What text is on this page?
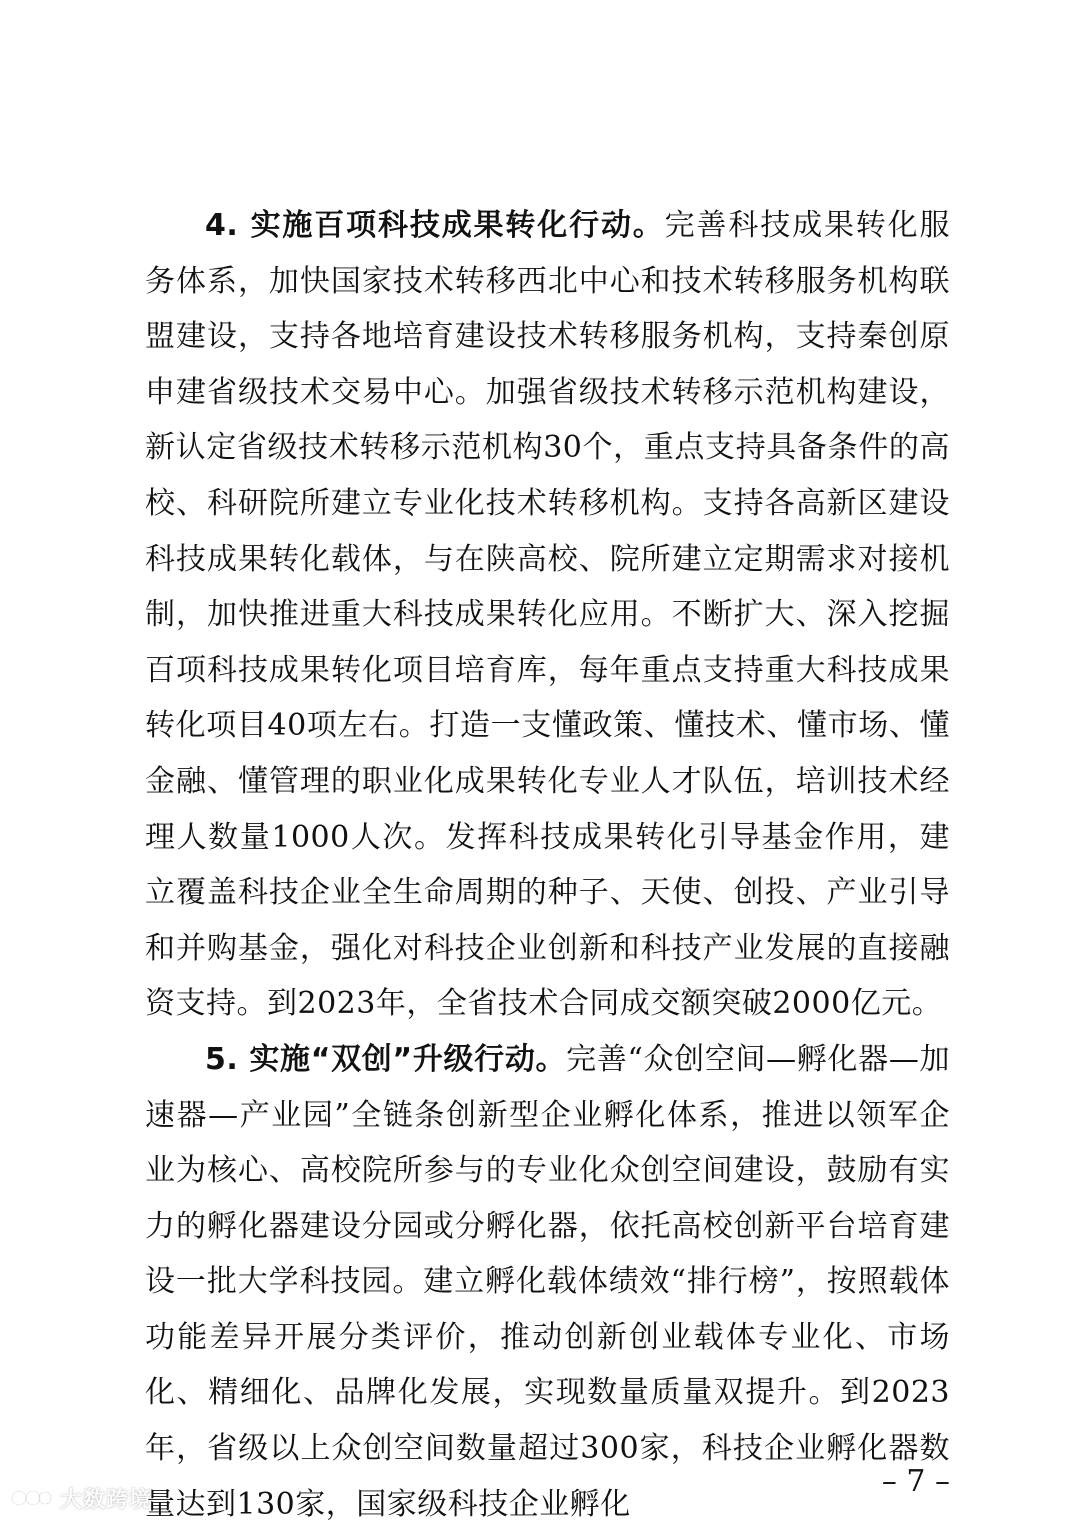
4. 实施百项科技成果转化行动。完善科技成果转化服务体系，加快国家技术转移西北中心和技术转移服务机构联盟建设，支持各地培育建设技术转移服务机构，支持秦创原申建省级技术交易中心。加强省级技术转移示范机构建设，新认定省级技术转移示范机构30个，重点支持具备条件的高校、科研院所建立专业化技术转移机构。支持各高新区建设科技成果转化载体，与在陕高校、院所建立定期需求对接机制，加快推进重大科技成果转化应用。不断扩大、深入挖掘百项科技成果转化项目培育库，每年重点支持重大科技成果转化项目40项左右。打造一支懂政策、懂技术、懂市场、懂金融、懂管理的职业化成果转化专业人才队伍，培训技术经理人数量1000人次。发挥科技成果转化引导基金作用，建立覆盖科技企业全生命周期的种子、天使、创投、产业引导和并购基金，强化对科技企业创新和科技产业发展的直接融资支持。到2023年，全省技术合同成交额突破2000亿元。

5. 实施“双创”升级行动。完善“众创空间—孵化器—加速器—产业园”全链条创新型企业孵化体系，推进以领军企业为核心、高校院所参与的专业化众创空间建设，鼓励有实力的孵化器建设分园或分孵化器，依托高校创新平台培育建设一批大学科技园。建立孵化载体绩效“排行榜”，按照载体功能差异开展分类评价，推动创新创业载体专业化、市场化、精细化、品牌化发展，实现数量质量双提升。到2023年，省级以上众创空间数量超过300家，科技企业孵化器数量达到130家，国家级科技企业孵化

– 7 –
大数跨境
